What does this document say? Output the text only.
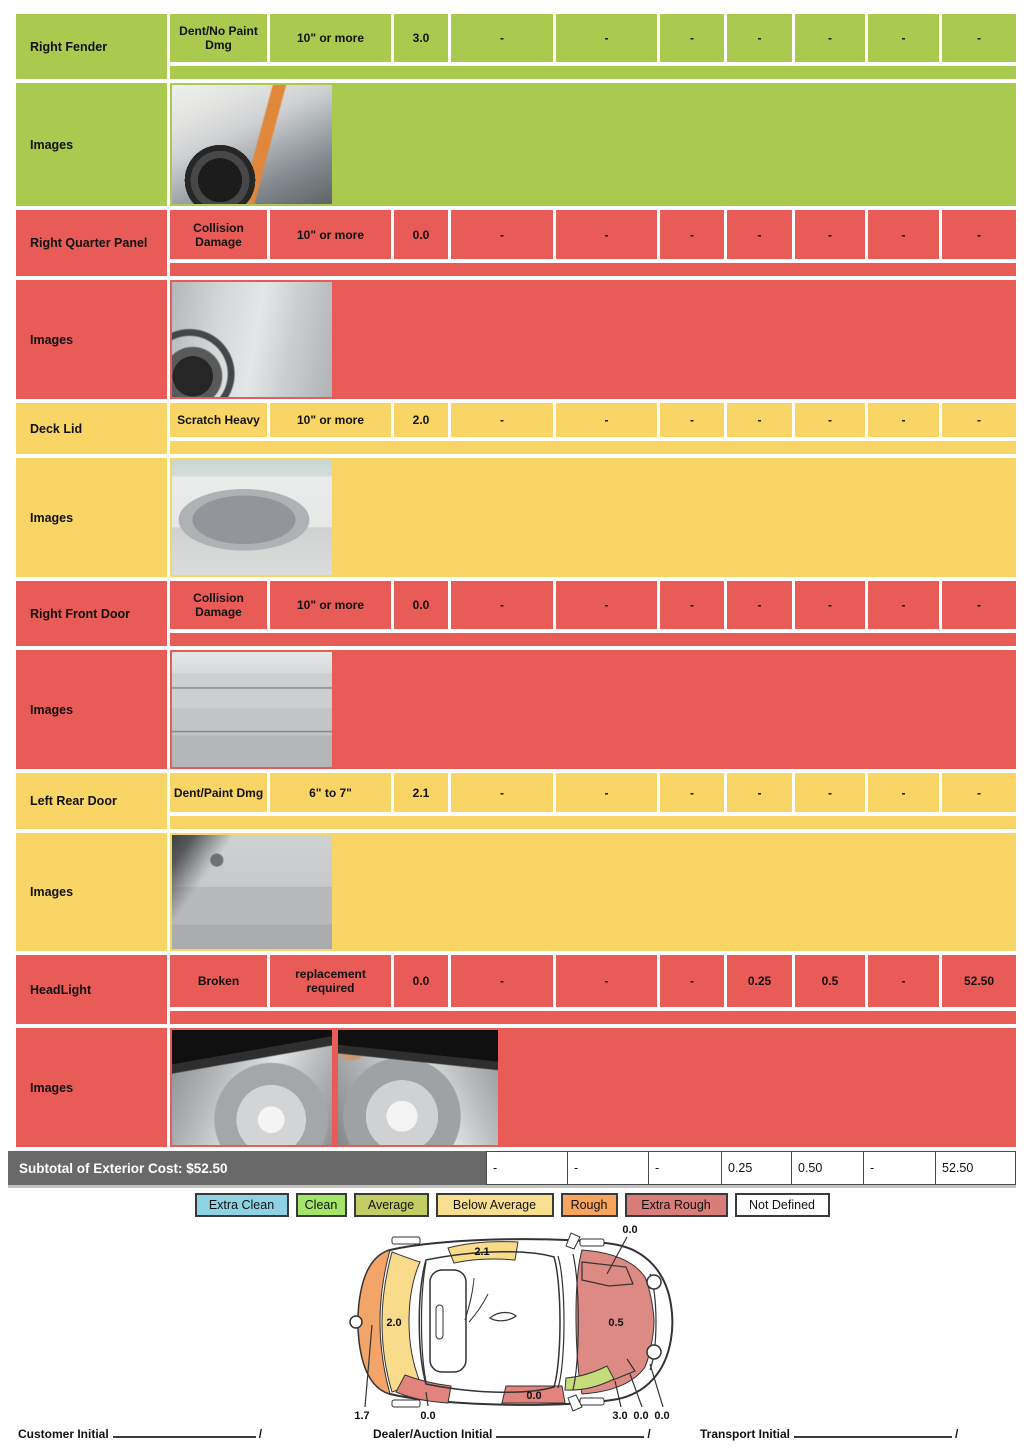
Right Fender
Dent/No Paint Dmg	10" or more	3.0	-	-	-	-	-	-	-
Images
Right Quarter Panel
Collision Damage	10" or more	0.0	-	-	-	-	-	-	-
Images
Deck Lid
Scratch Heavy	10" or more	2.0	-	-	-	-	-	-	-
Images
Right Front Door
Collision Damage	10" or more	0.0	-	-	-	-	-	-	-
Images
Left Rear Door
Dent/Paint Dmg	6" to 7"	2.1	-	-	-	-	-	-	-
Images
HeadLight
Broken	replacement required	0.0	-	-	-	0.25	0.5	-	52.50
Images
Subtotal of Exterior Cost: $52.50	-	-	-	0.25	0.50	-	52.50
Extra Clean	Clean	Average	Below Average	Rough	Extra Rough	Not Defined
0.0
2.1
2.0	0.5
0.0
1.7	0.0	3.0 0.0 0.0
Customer Initial	/	Dealer/Auction Initial	/	Transport Initial	/
